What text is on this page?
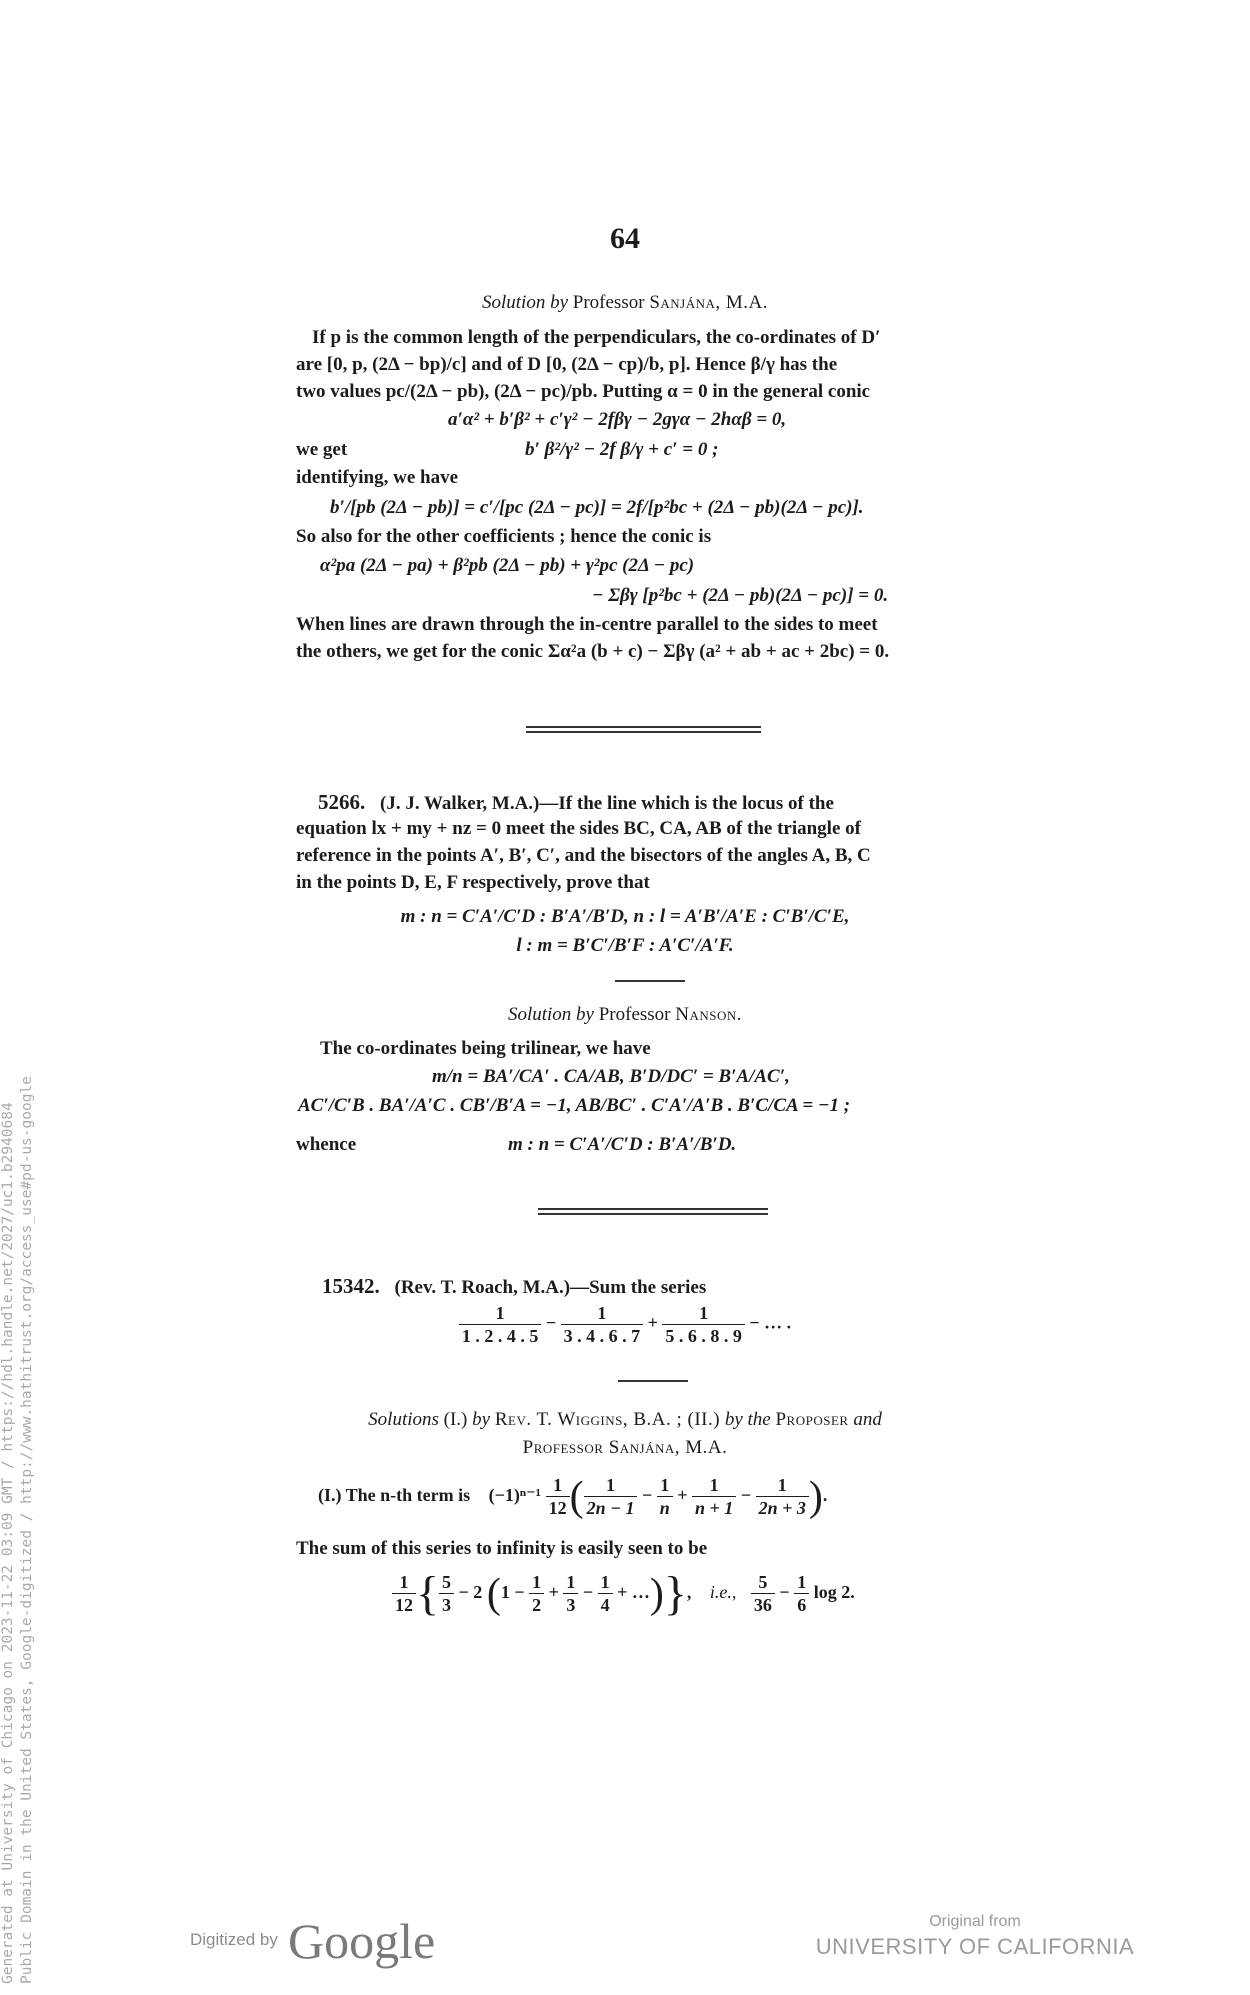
64
Solution by Professor Sanjána, M.A.
If p is the common length of the perpendiculars, the co-ordinates of D′
are [0, p, (2Δ − bp)/c] and of D [0, (2Δ − cp)/b, p]. Hence β/γ has the
two values pc/(2Δ − pb), (2Δ − pc)/pb. Putting α = 0 in the general conic
a′α² + b′β² + c′γ² − 2fβγ − 2gγα − 2hαβ = 0,
we get	b′ β²/γ² − 2f β/γ + c′ = 0 ;
identifying, we have
b′/[pb (2Δ − pb)] = c′/[pc (2Δ − pc)] = 2f/[p²bc + (2Δ − pb)(2Δ − pc)].
So also for the other coefficients ; hence the conic is
α²pa (2Δ − pa) + β²pb (2Δ − pb) + γ²pc (2Δ − pc)
− Σβγ [p²bc + (2Δ − pb)(2Δ − pc)] = 0.
When lines are drawn through the in-centre parallel to the sides to meet
the others, we get for the conic Σα²a (b + c) − Σβγ (a² + ab + ac + 2bc) = 0.
5266. (J. J. Walker, M.A.)—If the line which is the locus of the
equation lx + my + nz = 0 meet the sides BC, CA, AB of the triangle of
reference in the points A′, B′, C′, and the bisectors of the angles A, B, C
in the points D, E, F respectively, prove that
m : n = C′A′/C′D : B′A′/B′D, n : l = A′B′/A′E : C′B′/C′E,
l : m = B′C′/B′F : A′C′/A′F.
Solution by Professor Nanson.
The co-ordinates being trilinear, we have
m/n = BA′/CA′ . CA/AB, B′D/DC′ = B′A/AC′,
AC′/C′B . BA′/A′C . CB′/B′A = −1, AB/BC′ . C′A′/A′B . B′C/CA = −1 ;
whence	m : n = C′A′/C′D : B′A′/B′D.
15342. (Rev. T. Roach, M.A.)—Sum the series
$\frac{1}{1 . 2 . 4 . 5} - \frac{1}{3 . 4 . 6 . 7} + \frac{1}{5 . 6 . 8 . 9}$ − … .
Solutions (I.) by Rev. T. Wiggins, B.A. ; (II.) by the Proposer and
Professor Sanjána, M.A.
(I.) The n-th term is $(-1)^{n-1} \frac{1}{12}$ ( $\frac{1}{2n - 1} - \frac{1}{n} + \frac{1}{n + 1} - \frac{1}{2n + 3}$ ).
The sum of this series to infinity is easily seen to be
$\frac{1}{12}$ { $\frac{5}{3} - 2$ ($1 - \frac{1}{2} + \frac{1}{3} - \frac{1}{4}$ + …)}, i.e., $\frac{5}{36} - \frac{1}{6}$ log 2.
Generated at University of Chicago on 2023-11-22 03:09 GMT / https://hdl.handle.net/2027/uc1.b2940684 Public Domain in the United States, Google-digitized / http://www.hathitrust.org/access_use#pd-us-google	Digitized by Google	Original from
UNIVERSITY OF CALIFORNIA
